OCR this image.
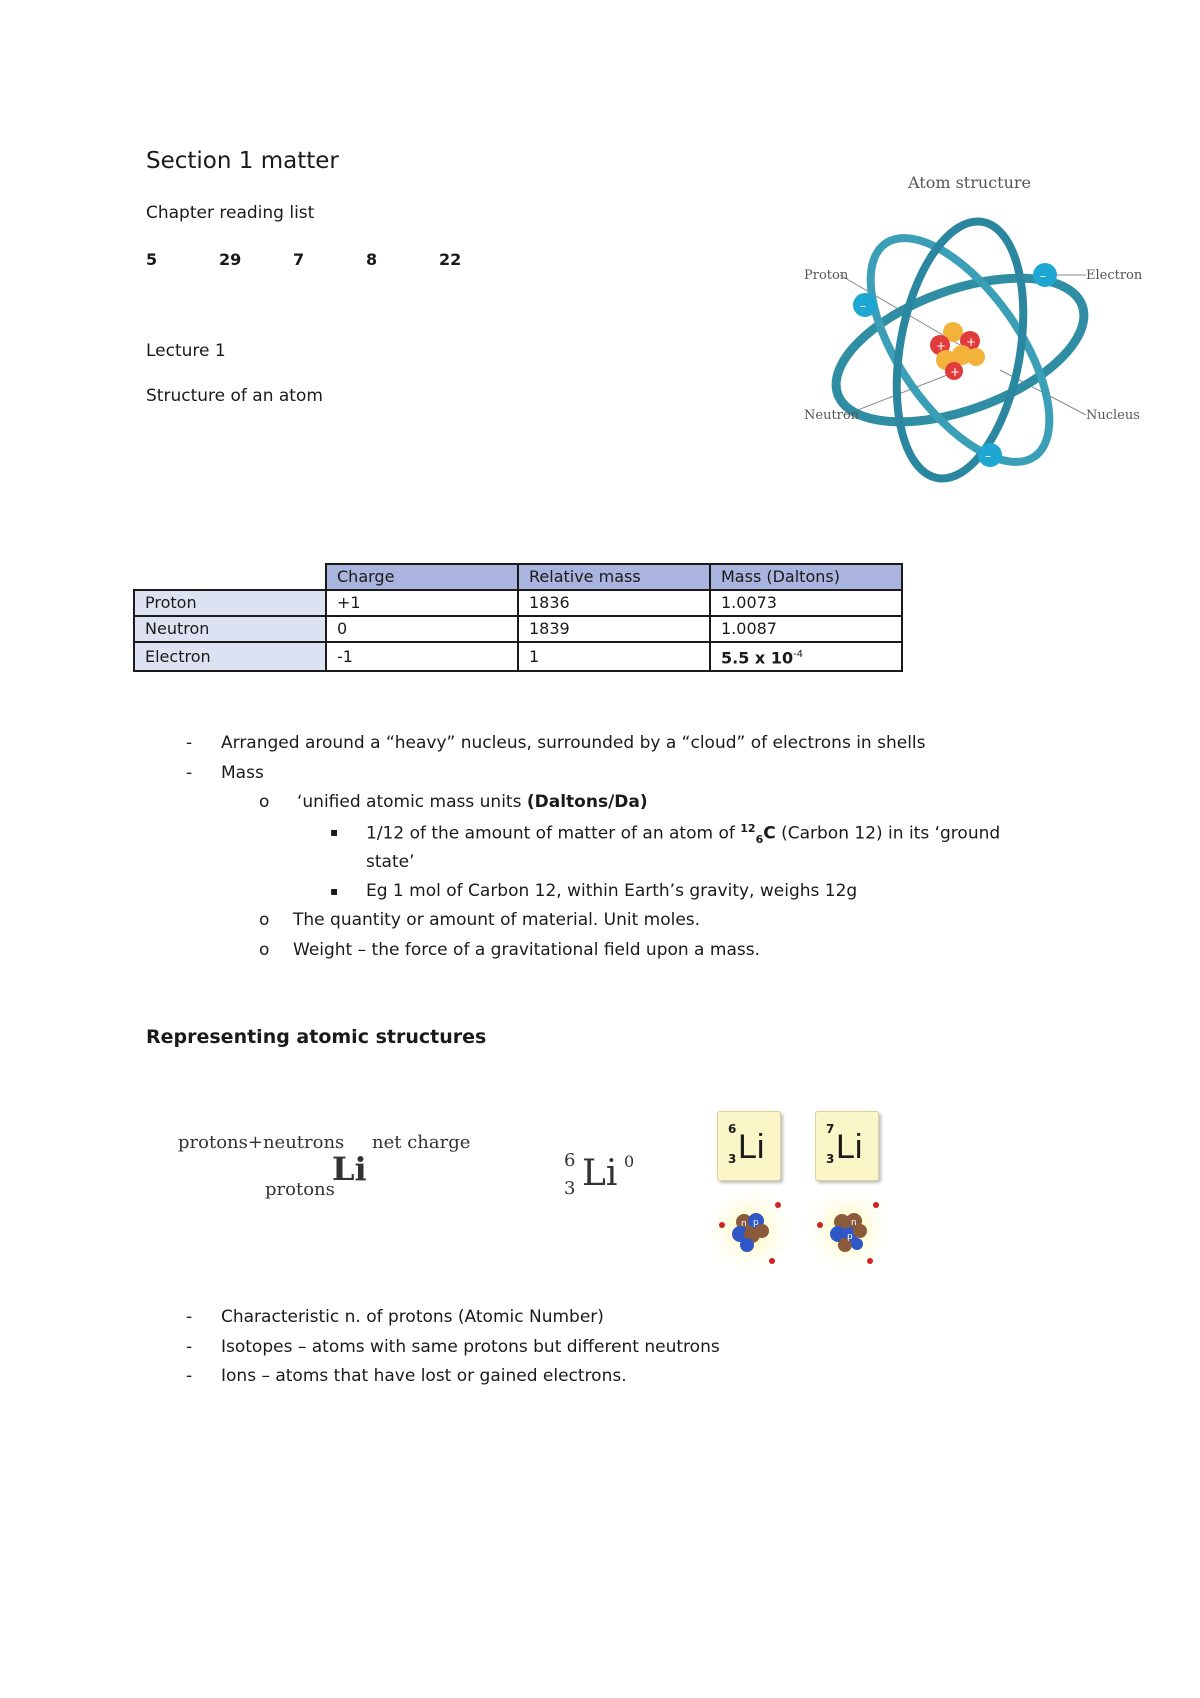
Section 1 matter
Chapter reading list
5	29	7	8	22
Lecture 1
Structure of an atom
Atom structure
+
+
+
–
–
–
Proton	Electron
Neutron	Nucleus
	Charge	Relative mass	Mass (Daltons)
Proton	+1	1836	1.0073
Neutron	0	1839	1.0087
Electron	-1	1	5.5 x $10^{-4}$
- Arranged around a “heavy” nucleus, surrounded by a “cloud” of electrons in shells
- Mass
o ‘unified atomic mass units (Daltons/Da)
▪ 1/12 of the amount of matter of an atom of $^{12}_6$C (Carbon 12) in its ‘ground
state’
▪ Eg 1 mol of Carbon 12, within Earth’s gravity, weighs 12g
o The quantity or amount of material. Unit moles.
o Weight – the force of a gravitational field upon a mass.
Representing atomic structures
protons+neutrons net charge
protons
Li	6
3 Li 0
6
3 Li	7
3 Li
p
n
p
n
- Characteristic n. of protons (Atomic Number)
- Isotopes – atoms with same protons but different neutrons
- Ions – atoms that have lost or gained electrons.
